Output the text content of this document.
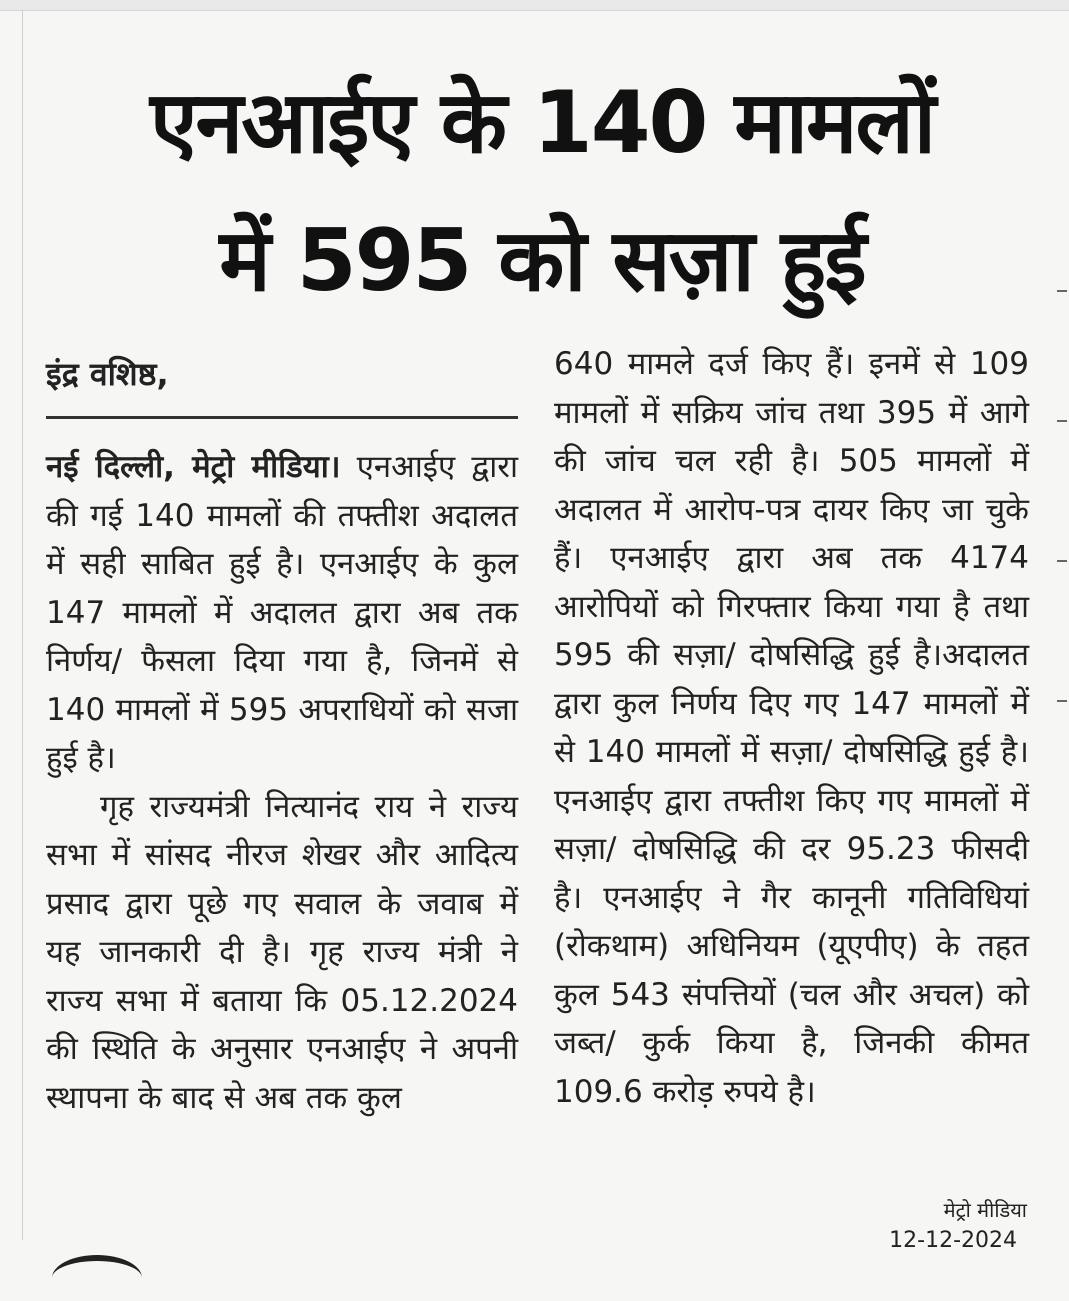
एनआईए के 140 मामलों
में 595 को सज़ा हुई
इंद्र वशिष्ठ,

नई दिल्ली, मेट्रो मीडिया। एनआईए द्वारा की गई 140 मामलों की तफ्तीश अदालत में सही साबित हुई है। एनआईए के कुल 147 मामलों में अदालत द्वारा अब तक निर्णय/ फैसला दिया गया है, जिनमें से 140 मामलों में 595 अपराधियों को सजा हुई है।

गृह राज्यमंत्री नित्यानंद राय ने राज्य सभा में सांसद नीरज शेखर और आदित्य प्रसाद द्वारा पूछे गए सवाल के जवाब में यह जानकारी दी है। गृह राज्य मंत्री ने राज्य सभा में बताया कि 05.12.2024 की स्थिति के अनुसार एनआईए ने अपनी स्थापना के बाद से अब तक कुल

640 मामले दर्ज किए हैं। इनमें से 109 मामलों में सक्रिय जांच तथा 395 में आगे की जांच चल रही है। 505 मामलों में अदालत में आरोप-पत्र दायर किए जा चुके हैं। एनआईए द्वारा अब तक 4174 आरोपियों को गिरफ्तार किया गया है तथा 595 की सज़ा/ दोषसिद्धि हुई है।अदालत द्वारा कुल निर्णय दिए गए 147 मामलों में से 140 मामलों में सज़ा/ दोषसिद्धि हुई है। एनआईए द्वारा तफ्तीश किए गए मामलों में सज़ा/ दोषसिद्धि की दर 95.23 फीसदी है। एनआईए ने गैर कानूनी गतिविधियां (रोकथाम) अधिनियम (यूएपीए) के तहत कुल 543 संपत्तियों (चल और अचल) को जब्त/ कुर्क किया है, जिनकी कीमत 109.6 करोड़ रुपये है।

मेट्रो मीडिया
12-12-2024
